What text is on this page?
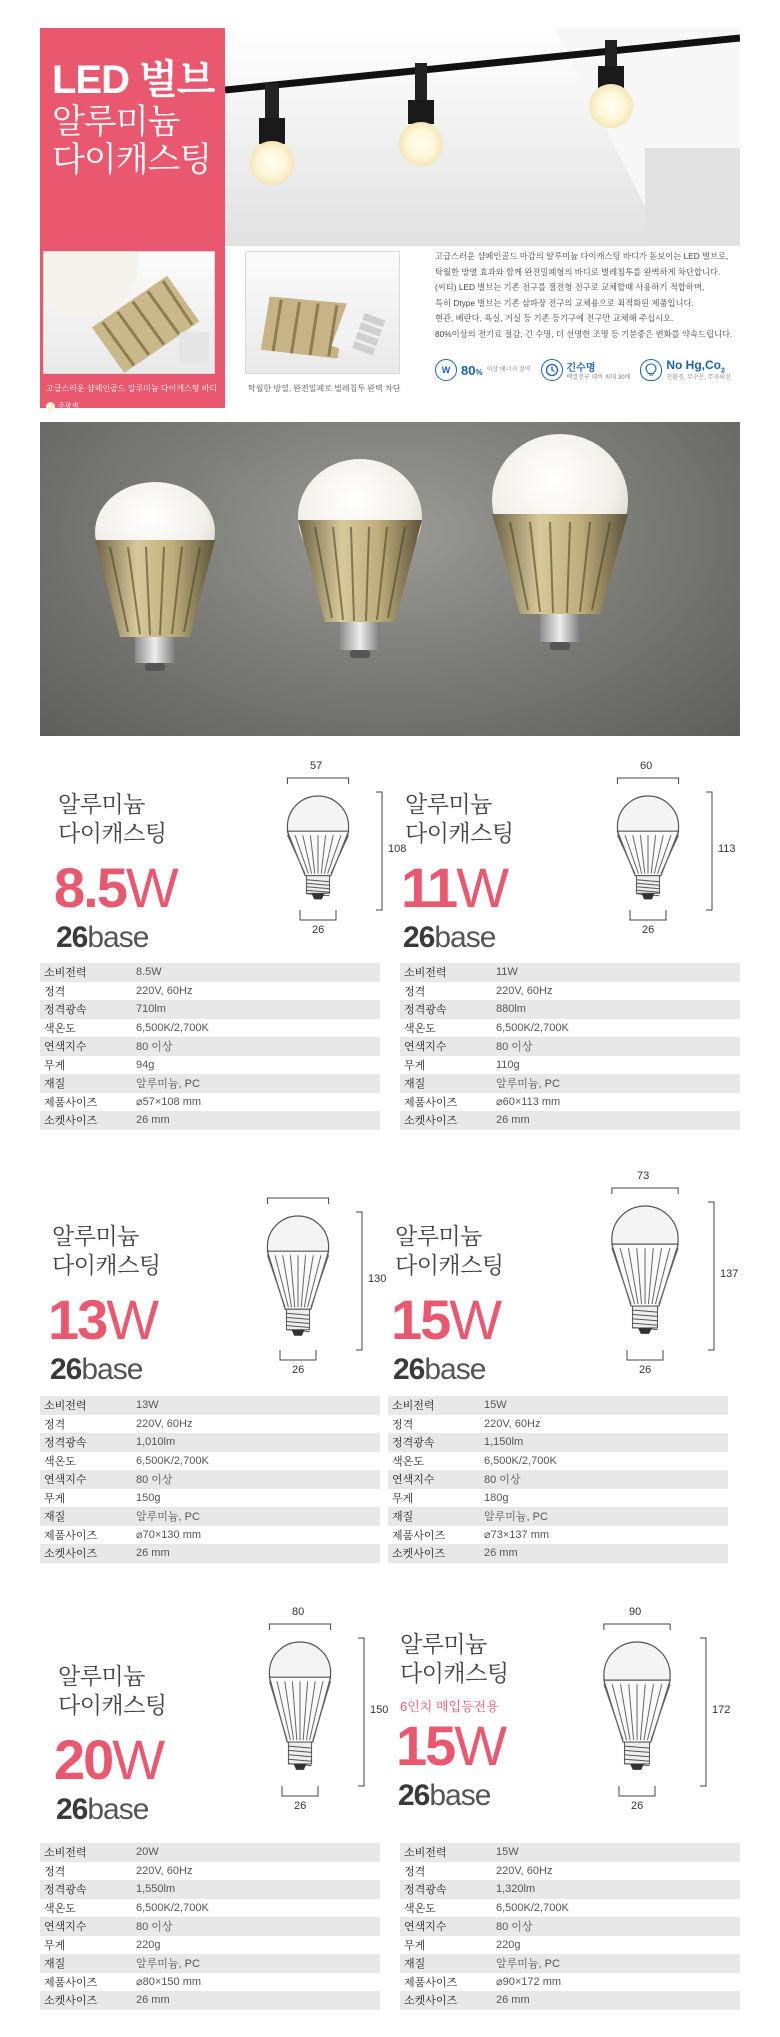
LED 벌브
알루미늄
다이캐스팅
고급스러운 샴페인골드 알루미늄 다이캐스팅 바디	탁월한 방열, 완전밀폐로 벌레침투 완벽 차단
주광색

고급스러운 샴페인골드 마감의 알루미늄 다이캐스팅 바디가 돋보이는 LED 벌브로,

탁월한 방열 효과와 함께 완전밀폐형의 바디로 벌레침투를 완벽하게 차단합니다.

(씨티) LED 벌브는 기존 전구를 절전형 전구로 교체할때 사용하기 적합하며,

특히 Dtype 벌브는 기존 삼파장 전구의 교체용으로 최적화된 제품입니다.

현관, 베란다, 욕실, 거실 등 기존 등기구에 전구만 교체해 주십시오.

80%이상의 전기료 절감, 긴 수명, 더 선명한 조명 등 기분좋은 변화를 약속드립니다.

W 80% 이상 에너지 절약	긴수명
백열전구 대비 최대 30배
No $Hg,Co_2$
친환경, 무수은, 무자외선
알루미늄
다이캐스팅
8.5W
26base
57
108
26
소비전력	8.5W
정격	220V, 60Hz
정격광속	710lm
색온도	6,500K/2,700K
연색지수	80 이상
무게	94g
재질	알루미늄, PC
제품사이즈	⌀57×108 mm
소켓사이즈	26 mm
알루미늄
다이캐스팅
11W
26base
60
113
26
소비전력	11W
정격	220V, 60Hz
정격광속	880lm
색온도	6,500K/2,700K
연색지수	80 이상
무게	110g
재질	알루미늄, PC
제품사이즈	⌀60×113 mm
소켓사이즈	26 mm
알루미늄
다이캐스팅
13W
26base
130
26
소비전력	13W
정격	220V, 60Hz
정격광속	1,010lm
색온도	6,500K/2,700K
연색지수	80 이상
무게	150g
재질	알루미늄, PC
제품사이즈	⌀70×130 mm
소켓사이즈	26 mm
알루미늄
다이캐스팅
15W
26base
73
137
26
소비전력	15W
정격	220V, 60Hz
정격광속	1,150lm
색온도	6,500K/2,700K
연색지수	80 이상
무게	180g
재질	알루미늄, PC
제품사이즈	⌀73×137 mm
소켓사이즈	26 mm
알루미늄
다이캐스팅
20W
26base
80
150
26
소비전력	20W
정격	220V, 60Hz
정격광속	1,550lm
색온도	6,500K/2,700K
연색지수	80 이상
무게	220g
재질	알루미늄, PC
제품사이즈	⌀80×150 mm
소켓사이즈	26 mm
알루미늄
다이캐스팅
6인치 매입등전용
15W
26base
90
172
26
소비전력	15W
정격	220V, 60Hz
정격광속	1,320lm
색온도	6,500K/2,700K
연색지수	80 이상
무게	220g
재질	알루미늄, PC
제품사이즈	⌀90×172 mm
소켓사이즈	26 mm
